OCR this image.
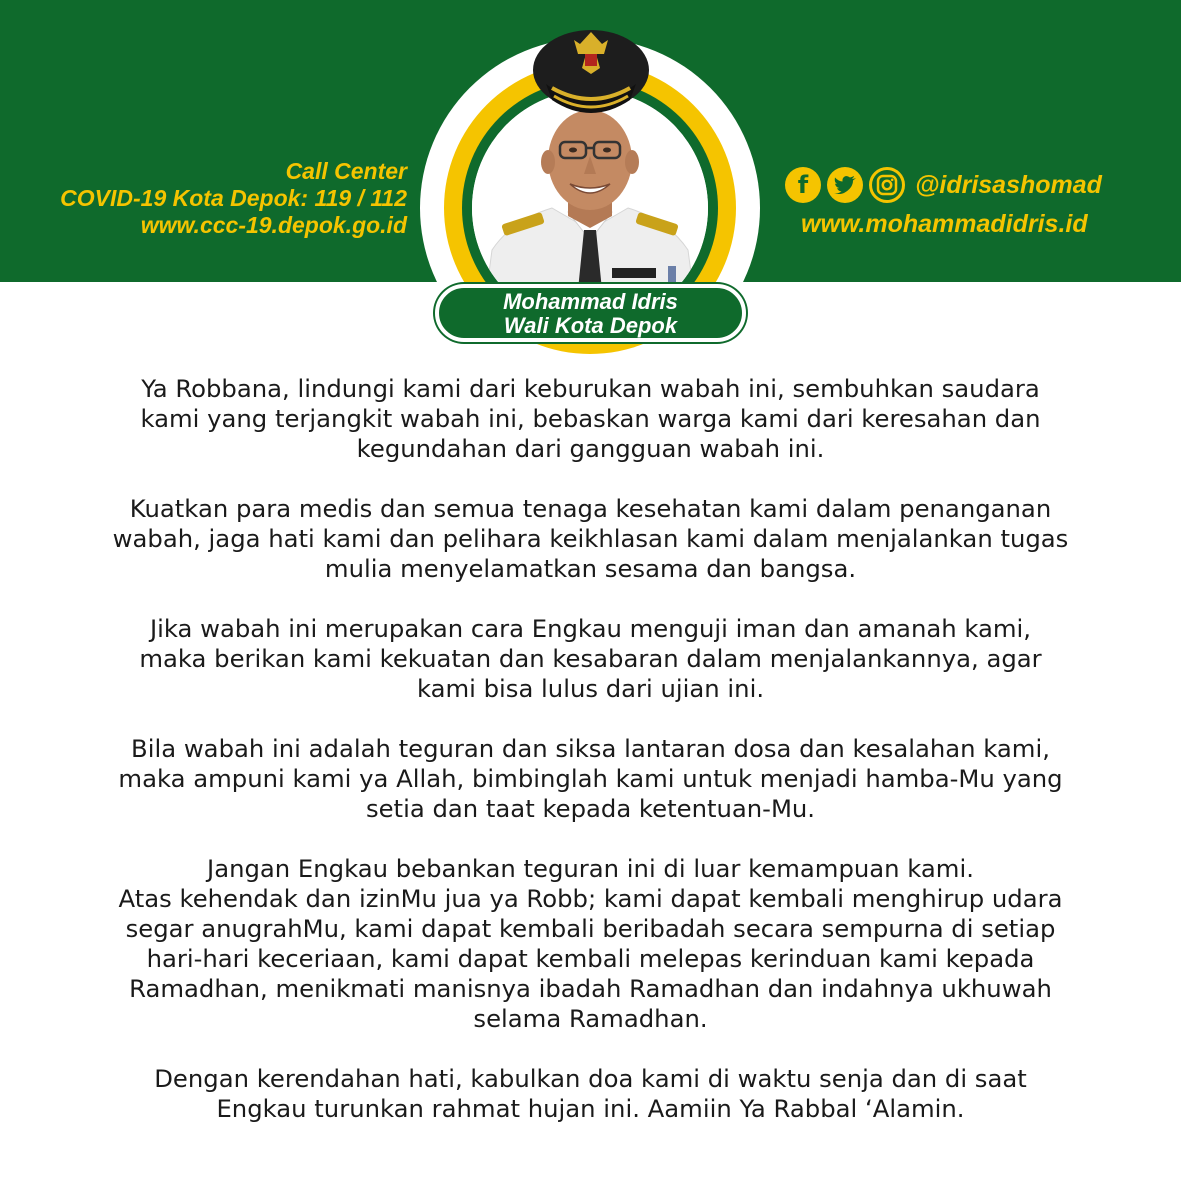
Call Center
COVID-19 Kota Depok: 119 / 112
www.ccc-19.depok.go.id
f	@idrisashomad
www.mohammadidris.id
Mohammad Idris
Wali Kota Depok
Ya Robbana, lindungi kami dari keburukan wabah ini, sembuhkan saudara
kami yang terjangkit wabah ini, bebaskan warga kami dari keresahan dan
kegundahan dari gangguan wabah ini.
Kuatkan para medis dan semua tenaga kesehatan kami dalam penanganan
wabah, jaga hati kami dan pelihara keikhlasan kami dalam menjalankan tugas
mulia menyelamatkan sesama dan bangsa.
Jika wabah ini merupakan cara Engkau menguji iman dan amanah kami,
maka berikan kami kekuatan dan kesabaran dalam menjalankannya, agar
kami bisa lulus dari ujian ini.
Bila wabah ini adalah teguran dan siksa lantaran dosa dan kesalahan kami,
maka ampuni kami ya Allah, bimbinglah kami untuk menjadi hamba-Mu yang
setia dan taat kepada ketentuan-Mu.
Jangan Engkau bebankan teguran ini di luar kemampuan kami.
Atas kehendak dan izinMu jua ya Robb; kami dapat kembali menghirup udara
segar anugrahMu, kami dapat kembali beribadah secara sempurna di setiap
hari-hari keceriaan, kami dapat kembali melepas kerinduan kami kepada
Ramadhan, menikmati manisnya ibadah Ramadhan dan indahnya ukhuwah
selama Ramadhan.
Dengan kerendahan hati, kabulkan doa kami di waktu senja dan di saat
Engkau turunkan rahmat hujan ini. Aamiin Ya Rabbal ‘Alamin.
